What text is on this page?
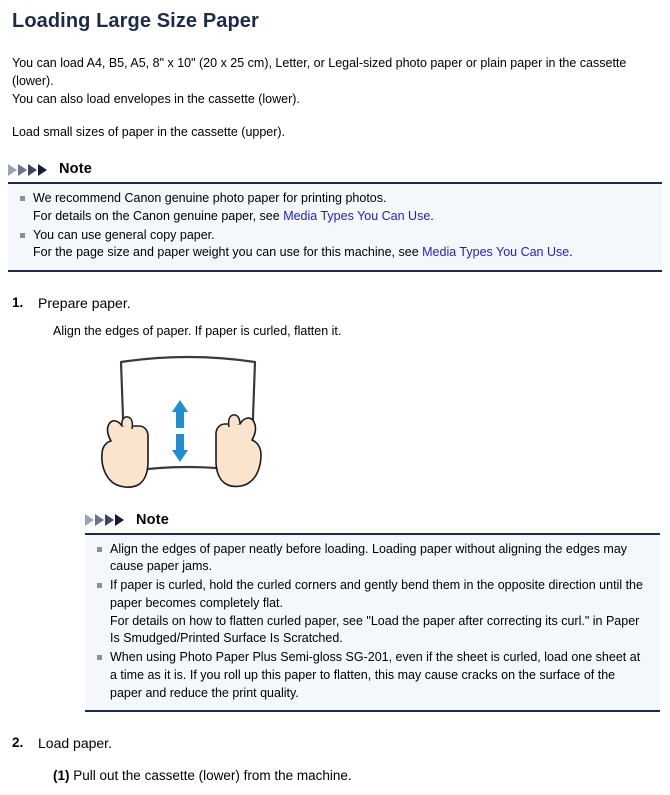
Loading Large Size Paper
You can load A4, B5, A5, 8" x 10" (20 x 25 cm), Letter, or Legal-sized photo paper or plain paper in the cassette (lower).
You can also load envelopes in the cassette (lower).
Load small sizes of paper in the cassette (upper).
Note
We recommend Canon genuine photo paper for printing photos.
For details on the Canon genuine paper, see Media Types You Can Use.
You can use general copy paper.
For the page size and paper weight you can use for this machine, see Media Types You Can Use.
1. Prepare paper.
Align the edges of paper. If paper is curled, flatten it.
Note
Align the edges of paper neatly before loading. Loading paper without aligning the edges may cause paper jams.
If paper is curled, hold the curled corners and gently bend them in the opposite direction until the paper becomes completely flat.
For details on how to flatten curled paper, see "Load the paper after correcting its curl." in Paper Is Smudged/Printed Surface Is Scratched.
When using Photo Paper Plus Semi-gloss SG-201, even if the sheet is curled, load one sheet at a time as it is. If you roll up this paper to flatten, this may cause cracks on the surface of the paper and reduce the print quality.
2. Load paper.
(1) Pull out the cassette (lower) from the machine.
